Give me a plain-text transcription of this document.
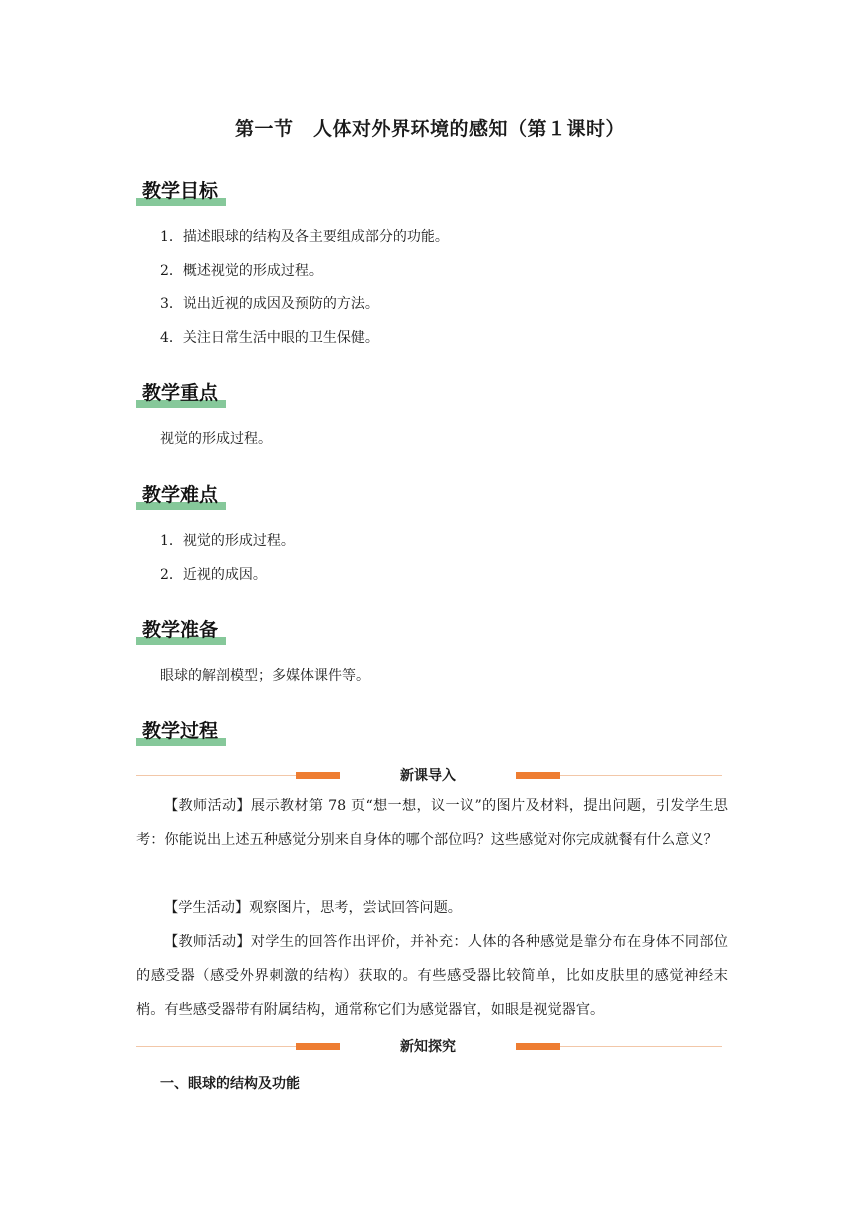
第一节　人体对外界环境的感知（第１课时）
教学目标
1．描述眼球的结构及各主要组成部分的功能。
2．概述视觉的形成过程。
3．说出近视的成因及预防的方法。
4．关注日常生活中眼的卫生保健。
教学重点
视觉的形成过程。
教学难点
1．视觉的形成过程。
2．近视的成因。
教学准备
眼球的解剖模型；多媒体课件等。
教学过程
新课导入
【教师活动】展示教材第 78 页“想一想，议一议”的图片及材料，提出问题，引发学生思考：你能说出上述五种感觉分别来自身体的哪个部位吗？这些感觉对你完成就餐有什么意义？
【学生活动】观察图片，思考，尝试回答问题。
【教师活动】对学生的回答作出评价，并补充：人体的各种感觉是靠分布在身体不同部位的感受器（感受外界刺激的结构）获取的。有些感受器比较简单，比如皮肤里的感觉神经末梢。有些感受器带有附属结构，通常称它们为感觉器官，如眼是视觉器官。
新知探究
一、眼球的结构及功能
